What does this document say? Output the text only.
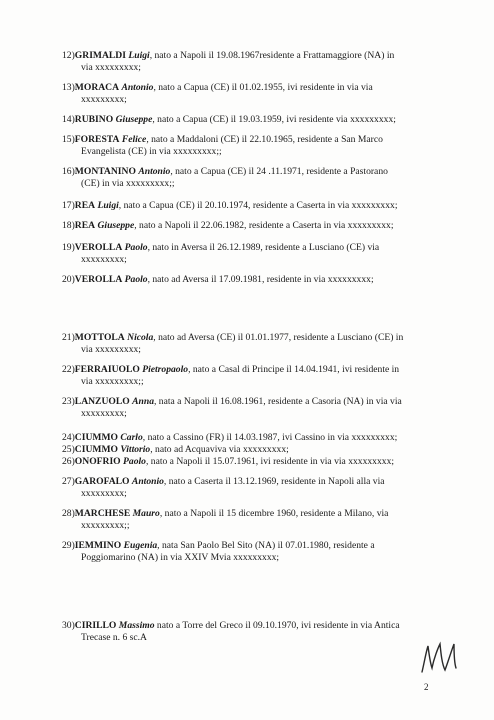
12)GRIMALDI Luigi, nato a Napoli il 19.08.1967residente a Frattamaggiore (NA) in
via xxxxxxxxx;
13)MORACA Antonio, nato a Capua (CE) il 01.02.1955, ivi residente in via via
xxxxxxxxx;
14)RUBINO Giuseppe, nato a Capua (CE) il 19.03.1959, ivi residente via xxxxxxxxx;
15)FORESTA Felice, nato a Maddaloni (CE) il 22.10.1965, residente a San Marco
Evangelista (CE) in via xxxxxxxxx;;
16)MONTANINO Antonio, nato a Capua (CE) il 24 .11.1971, residente a Pastorano
(CE) in via xxxxxxxxx;;
17)REA Luigi, nato a Capua (CE) il 20.10.1974, residente a Caserta in via xxxxxxxxx;
18)REA Giuseppe, nato a Napoli il 22.06.1982, residente a Caserta in via xxxxxxxxx;
19)VEROLLA Paolo, nato in Aversa il 26.12.1989, residente a Lusciano (CE) via
xxxxxxxxx;
20)VEROLLA Paolo, nato ad Aversa il 17.09.1981, residente in via xxxxxxxxx;
21)MOTTOLA Nicola, nato ad Aversa (CE) il 01.01.1977, residente a Lusciano (CE) in
via xxxxxxxxx;
22)FERRAIUOLO Pietropaolo, nato a Casal di Principe il 14.04.1941, ivi residente in
via xxxxxxxxx;;
23)LANZUOLO Anna, nata a Napoli il 16.08.1961, residente a Casoria (NA) in via via
xxxxxxxxx;
24)CIUMMO Carlo, nato a Cassino (FR) il 14.03.1987, ivi Cassino in via xxxxxxxxx;
25)CIUMMO Vittorio, nato ad Acquaviva via xxxxxxxxx;
26)ONOFRIO Paolo, nato a Napoli il 15.07.1961, ivi residente in via via xxxxxxxxx;
27)GAROFALO Antonio, nato a Caserta il 13.12.1969, residente in Napoli alla via
xxxxxxxxx;
28)MARCHESE Mauro, nato a Napoli il 15 dicembre 1960, residente a Milano, via
xxxxxxxxx;;
29)IEMMINO Eugenia, nata San Paolo Bel Sito (NA) il 07.01.1980, residente a
Poggiomarino (NA) in via XXIV Mvia xxxxxxxxx;
30)CIRILLO Massimo nato a Torre del Greco il 09.10.1970, ivi residente in via Antica
Trecase n. 6 sc.A
2
